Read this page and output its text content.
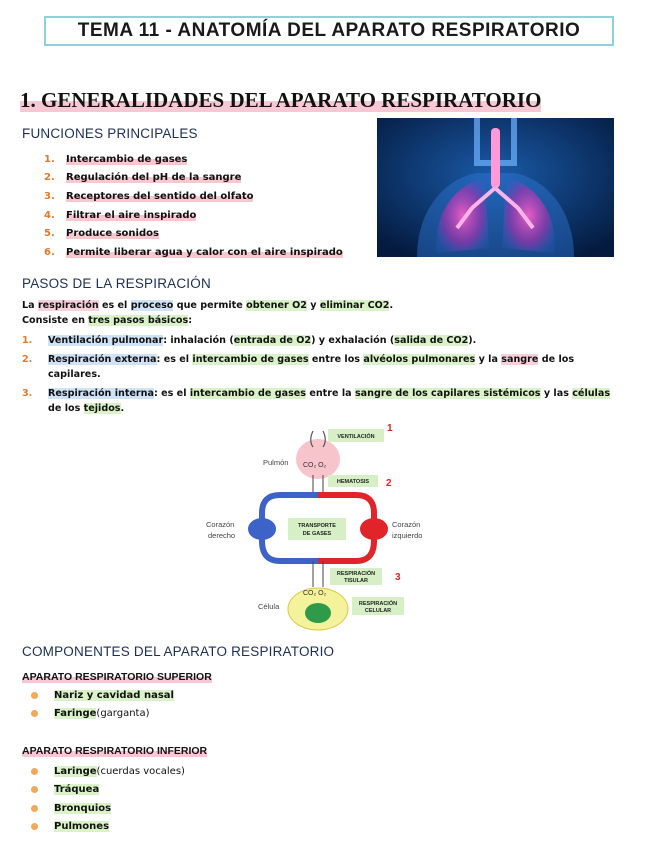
TEMA 11 - ANATOMÍA DEL APARATO RESPIRATORIO
1. GENERALIDADES DEL APARATO RESPIRATORIO
FUNCIONES PRINCIPALES
1.	Intercambio de gases
2.	Regulación del pH de la sangre
3.	Receptores del sentido del olfato
4.	Filtrar el aire inspirado
5.	Produce sonidos
6.	Permite liberar agua y calor con el aire inspirado
PASOS DE LA RESPIRACIÓN
La respiración es el proceso que permite obtener O2 y eliminar CO2.
Consiste en tres pasos básicos:
1.	Ventilación pulmonar: inhalación (entrada de O2) y exhalación (salida de CO2).
2.	Respiración externa: es el intercambio de gases entre los alvéolos pulmonares y la sangre de los capilares.
3.	Respiración interna: es el intercambio de gases entre la sangre de los capilares sistémicos y las células de los tejidos.
CO₂ O₂
VENTILACIÓN
1
HEMATOSIS 2
Pulmón
TRANSPORTE
DE GASES
Corazón
derecho
Corazón
izquierdo
RESPIRACIÓN
TISULAR	3
CO₂ O₂
Célula	RESPIRACIÓN
CELULAR
COMPONENTES DEL APARATO RESPIRATORIO
APARATO RESPIRATORIO SUPERIOR
Nariz y cavidad nasal
Faringe (garganta)
APARATO RESPIRATORIO INFERIOR
Laringe (cuerdas vocales)
Tráquea
Bronquios
Pulmones
